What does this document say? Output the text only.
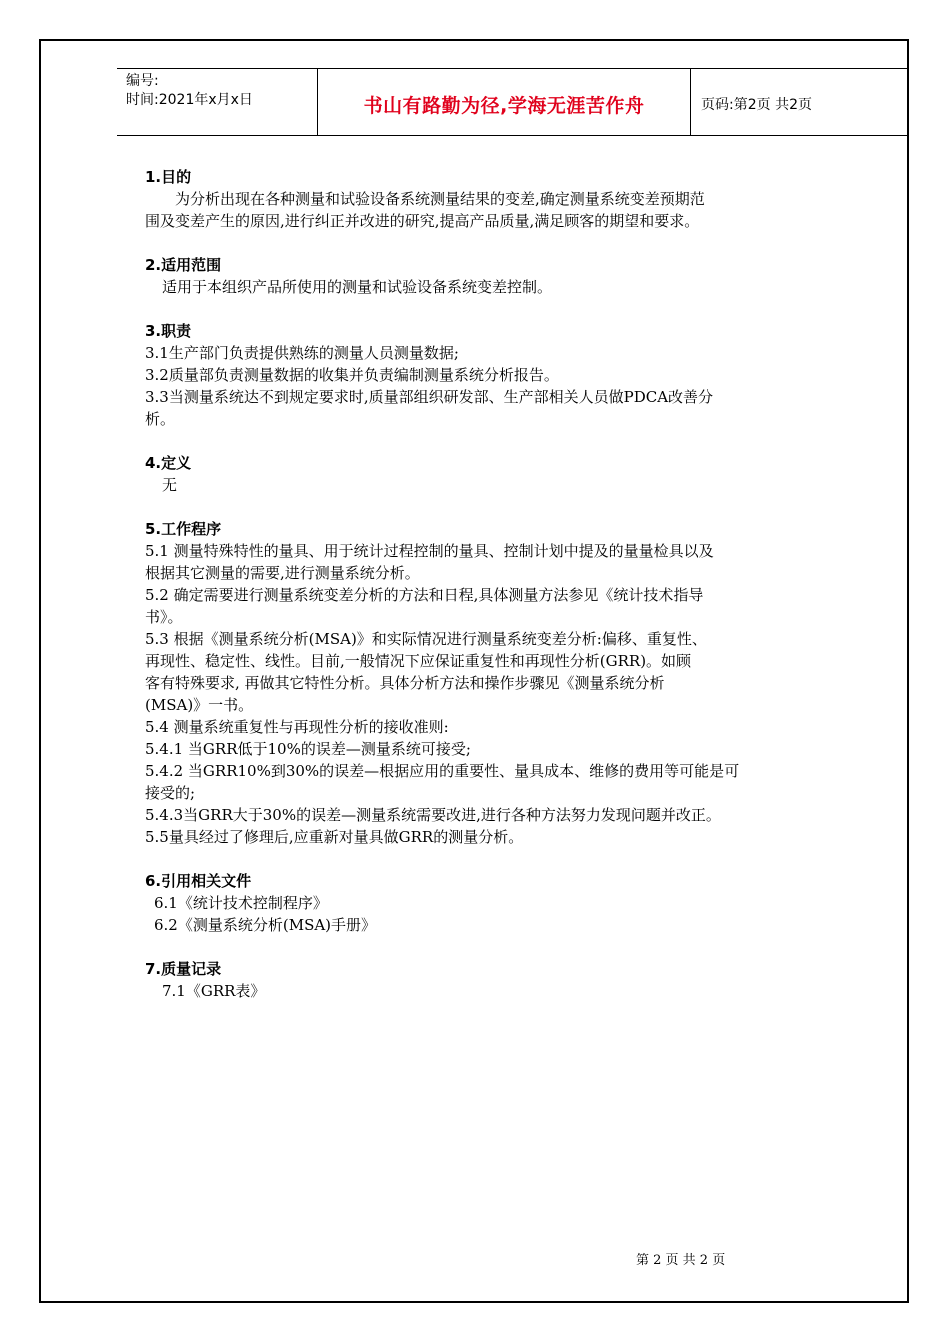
编号:
时间:2021年x月x日	书山有路勤为径,学海无涯苦作舟	页码:第2页 共2页

1.目的

为分析出现在各种测量和试验设备系统测量结果的变差,确定测量系统变差预期范

围及变差产生的原因,进行纠正并改进的研究,提高产品质量,满足顾客的期望和要求。

2.适用范围

适用于本组织产品所使用的测量和试验设备系统变差控制。

3.职责

3.1生产部门负责提供熟练的测量人员测量数据;

3.2质量部负责测量数据的收集并负责编制测量系统分析报告。

3.3当测量系统达不到规定要求时,质量部组织研发部、生产部相关人员做PDCA改善分

析。

4.定义

无

5.工作程序

5.1 测量特殊特性的量具、用于统计过程控制的量具、控制计划中提及的量量检具以及

根据其它测量的需要,进行测量系统分析。

5.2 确定需要进行测量系统变差分析的方法和日程,具体测量方法参见《统计技术指导

书》。

5.3 根据《测量系统分析(MSA)》和实际情况进行测量系统变差分析:偏移、重复性、

再现性、稳定性、线性。目前,一般情况下应保证重复性和再现性分析(GRR)。如顾

客有特殊要求, 再做其它特性分析。具体分析方法和操作步骤见《测量系统分析

(MSA)》一书。

5.4 测量系统重复性与再现性分析的接收准则:

5.4.1 当GRR低于10%的误差—测量系统可接受;

5.4.2 当GRR10%到30%的误差—根据应用的重要性、量具成本、维修的费用等可能是可

接受的;

5.4.3当GRR大于30%的误差—测量系统需要改进,进行各种方法努力发现问题并改正。

5.5量具经过了修理后,应重新对量具做GRR的测量分析。

6.引用相关文件

6.1《统计技术控制程序》

6.2《测量系统分析(MSA)手册》

7.质量记录

7.1《GRR表》

第 2 页 共 2 页
